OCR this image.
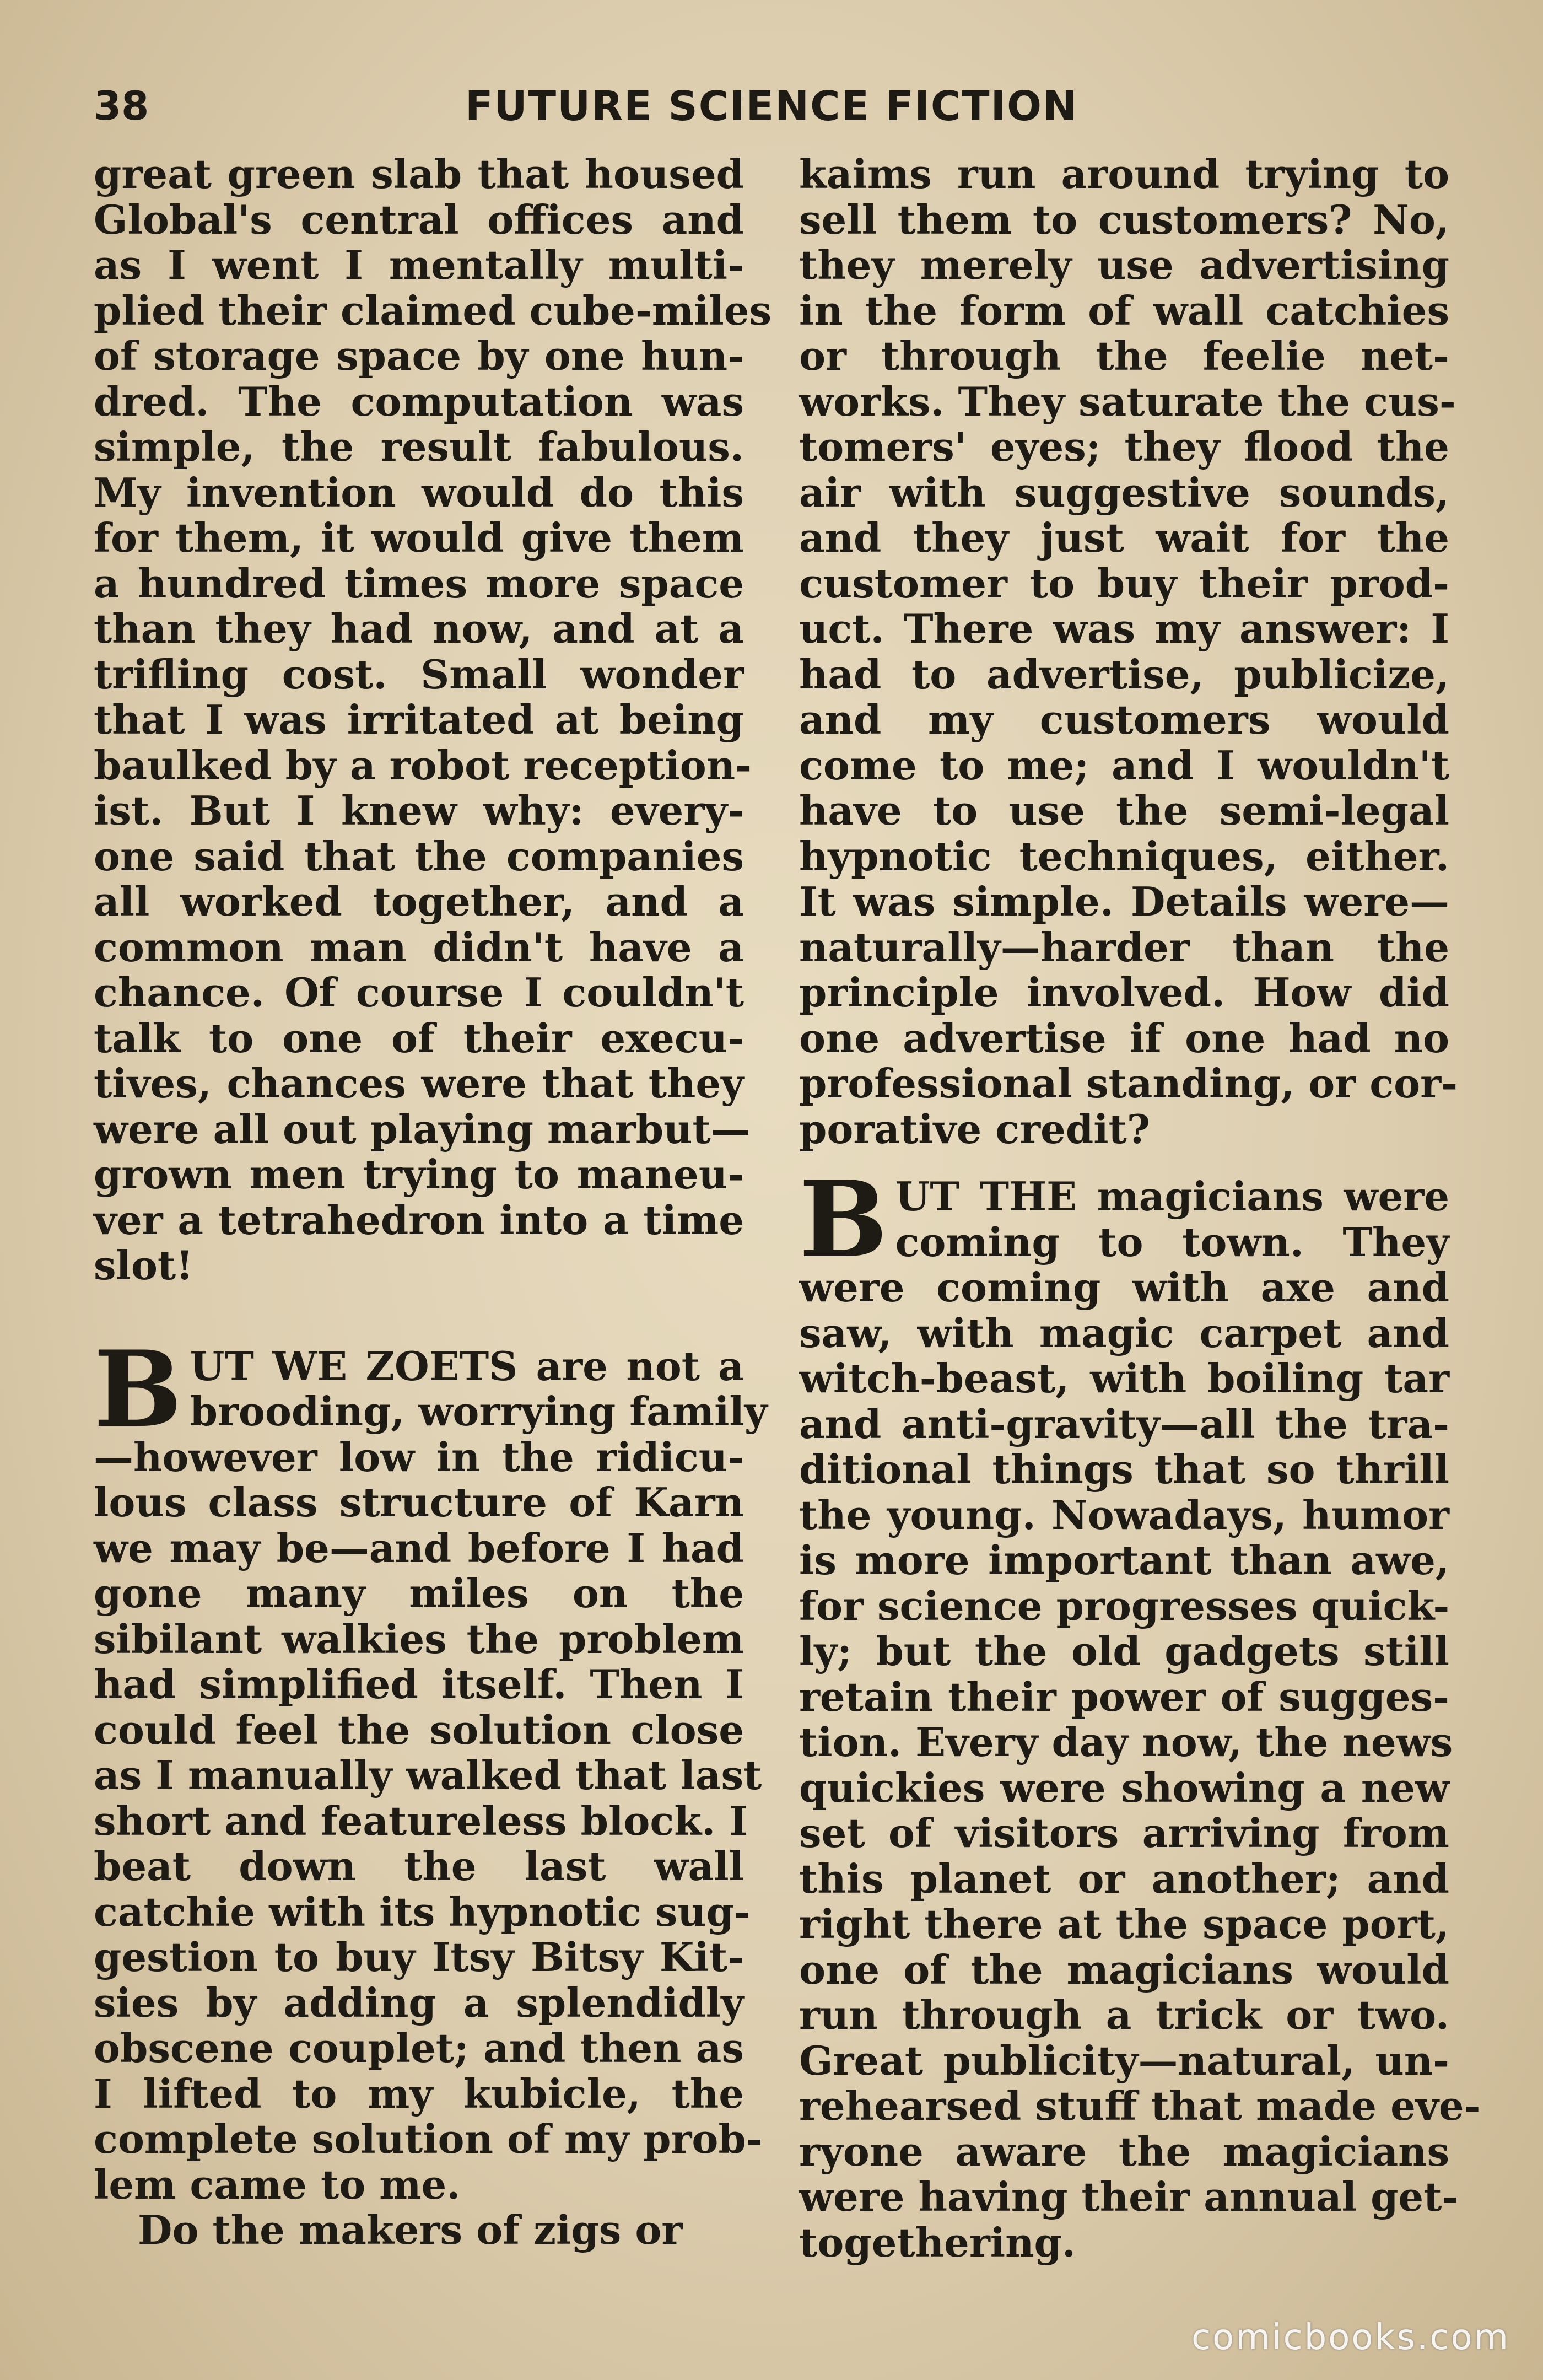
38	FUTURE SCIENCE FICTION
great green slab that housed
Global's central offices and
as I went I mentally multi-
plied their claimed cube-miles
of storage space by one hun-
dred. The computation was
simple, the result fabulous.
My invention would do this
for them, it would give them
a hundred times more space
than they had now, and at a
trifling cost. Small wonder
that I was irritated at being
baulked by a robot reception-
ist. But I knew why: every-
one said that the companies
all worked together, and a
common man didn't have a
chance. Of course I couldn't
talk to one of their execu-
tives, chances were that they
were all out playing marbut—
grown men trying to maneu-
ver a tetrahedron into a time
slot!
B UT WE ZOETS are not a
brooding, worrying family
—however low in the ridicu-
lous class structure of Karn
we may be—and before I had
gone many miles on the
sibilant walkies the problem
had simplified itself. Then I
could feel the solution close
as I manually walked that last
short and featureless block. I
beat down the last wall
catchie with its hypnotic sug-
gestion to buy Itsy Bitsy Kit-
sies by adding a splendidly
obscene couplet; and then as
I lifted to my kubicle, the
complete solution of my prob-
lem came to me.
Do the makers of zigs or
kaims run around trying to
sell them to customers? No,
they merely use advertising
in the form of wall catchies
or through the feelie net-
works. They saturate the cus-
tomers' eyes; they flood the
air with suggestive sounds,
and they just wait for the
customer to buy their prod-
uct. There was my answer: I
had to advertise, publicize,
and my customers would
come to me; and I wouldn't
have to use the semi-legal
hypnotic techniques, either.
It was simple. Details were—
naturally—harder than the
principle involved. How did
one advertise if one had no
professional standing, or cor-
porative credit?
B UT THE magicians were
coming to town. They
were coming with axe and
saw, with magic carpet and
witch-beast, with boiling tar
and anti-gravity—all the tra-
ditional things that so thrill
the young. Nowadays, humor
is more important than awe,
for science progresses quick-
ly; but the old gadgets still
retain their power of sugges-
tion. Every day now, the news
quickies were showing a new
set of visitors arriving from
this planet or another; and
right there at the space port,
one of the magicians would
run through a trick or two.
Great publicity—natural, un-
rehearsed stuff that made eve-
ryone aware the magicians
were having their annual get-
togethering.
comicbooks.com
